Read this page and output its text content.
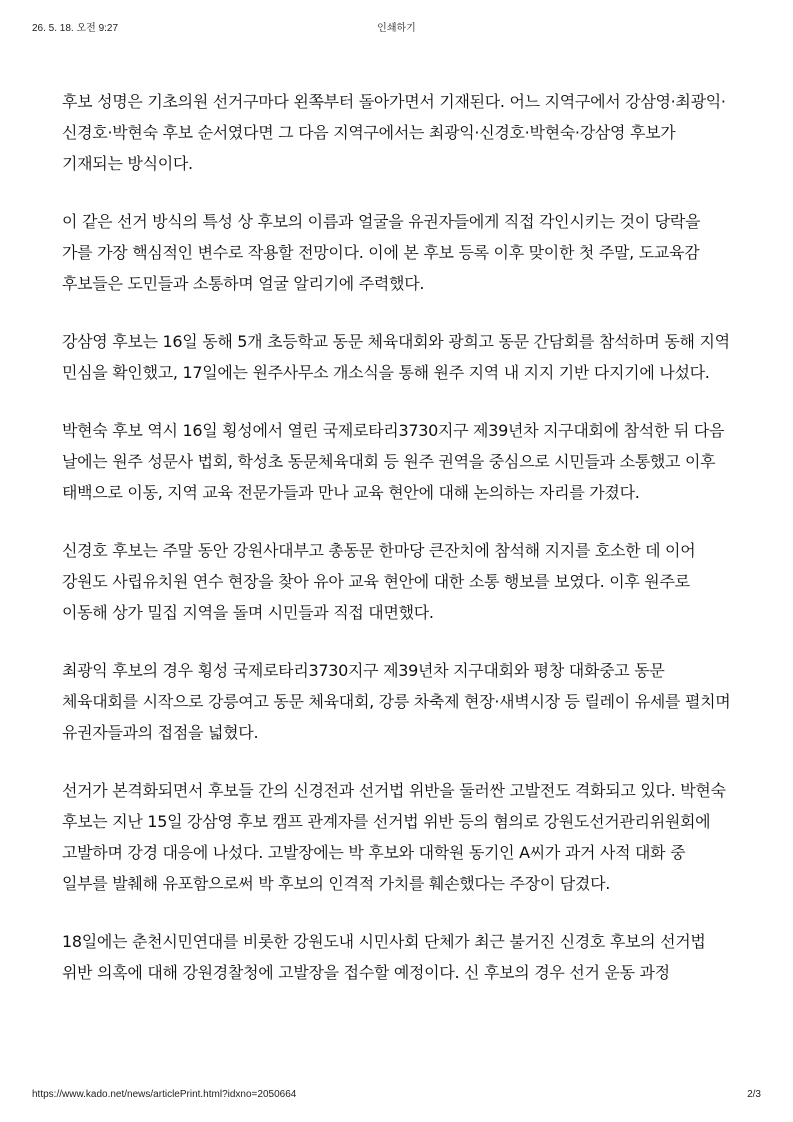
26. 5. 18. 오전 9:27	인쇄하기

후보 성명은 기초의원 선거구마다 왼쪽부터 돌아가면서 기재된다. 어느 지역구에서 강삼영·최광익·신경호·박현숙 후보 순서였다면 그 다음 지역구에서는 최광익·신경호·박현숙·강삼영 후보가 기재되는 방식이다.

이 같은 선거 방식의 특성 상 후보의 이름과 얼굴을 유권자들에게 직접 각인시키는 것이 당락을 가를 가장 핵심적인 변수로 작용할 전망이다. 이에 본 후보 등록 이후 맞이한 첫 주말, 도교육감 후보들은 도민들과 소통하며 얼굴 알리기에 주력했다.

강삼영 후보는 16일 동해 5개 초등학교 동문 체육대회와 광희고 동문 간담회를 참석하며 동해 지역 민심을 확인했고, 17일에는 원주사무소 개소식을 통해 원주 지역 내 지지 기반 다지기에 나섰다.

박현숙 후보 역시 16일 횡성에서 열린 국제로타리3730지구 제39년차 지구대회에 참석한 뒤 다음 날에는 원주 성문사 법회, 학성초 동문체육대회 등 원주 권역을 중심으로 시민들과 소통했고 이후 태백으로 이동, 지역 교육 전문가들과 만나 교육 현안에 대해 논의하는 자리를 가졌다.

신경호 후보는 주말 동안 강원사대부고 총동문 한마당 큰잔치에 참석해 지지를 호소한 데 이어 강원도 사립유치원 연수 현장을 찾아 유아 교육 현안에 대한 소통 행보를 보였다. 이후 원주로 이동해 상가 밀집 지역을 돌며 시민들과 직접 대면했다.

최광익 후보의 경우 횡성 국제로타리3730지구 제39년차 지구대회와 평창 대화중고 동문 체육대회를 시작으로 강릉여고 동문 체육대회, 강릉 차축제 현장·새벽시장 등 릴레이 유세를 펼치며 유권자들과의 접점을 넓혔다.

선거가 본격화되면서 후보들 간의 신경전과 선거법 위반을 둘러싼 고발전도 격화되고 있다. 박현숙 후보는 지난 15일 강삼영 후보 캠프 관계자를 선거법 위반 등의 혐의로 강원도선거관리위원회에 고발하며 강경 대응에 나섰다. 고발장에는 박 후보와 대학원 동기인 A씨가 과거 사적 대화 중 일부를 발췌해 유포함으로써 박 후보의 인격적 가치를 훼손했다는 주장이 담겼다.

18일에는 춘천시민연대를 비롯한 강원도내 시민사회 단체가 최근 불거진 신경호 후보의 선거법 위반 의혹에 대해 강원경찰청에 고발장을 접수할 예정이다. 신 후보의 경우 선거 운동 과정

https://www.kado.net/news/articlePrint.html?idxno=2050664	2/3
